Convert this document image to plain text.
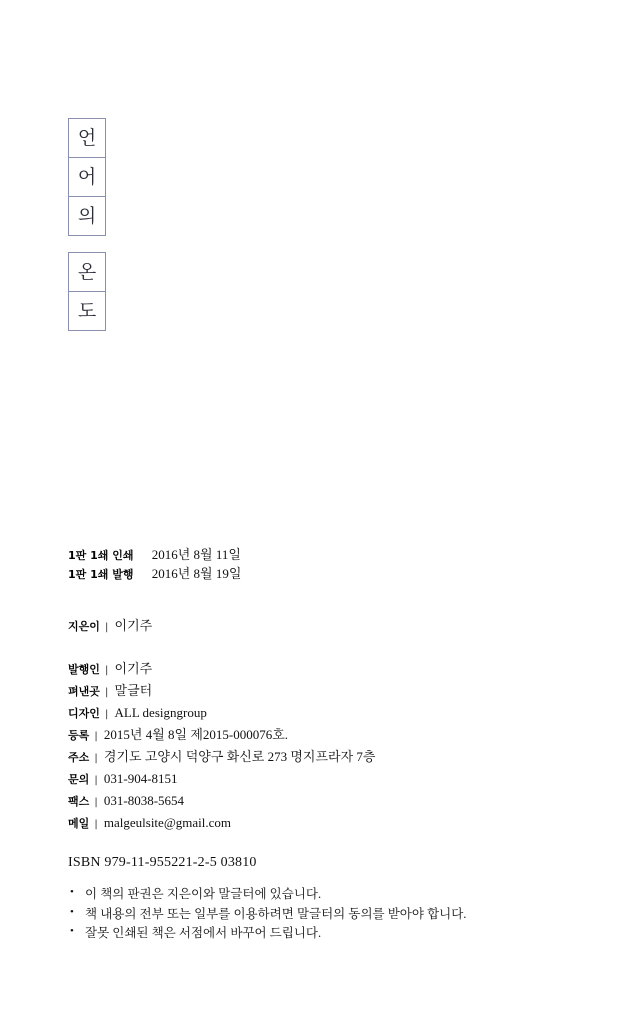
언
어
의
온
도
1판 1쇄 인쇄 2016년 8월 11일
1판 1쇄 발행 2016년 8월 19일
지은이 | 이기주
발행인 | 이기주
펴낸곳 | 말글터
디자인 | ALL designgroup
등록 | 2015년 4월 8일 제2015-000076호.
주소 | 경기도 고양시 덕양구 화신로 273 명지프라자 7층
문의 | 031-904-8151
팩스 | 031-8038-5654
메일 | malgeulsite@gmail.com
ISBN 979-11-955221-2-5 03810
• 이 책의 판권은 지은이와 말글터에 있습니다.
• 책 내용의 전부 또는 일부를 이용하려면 말글터의 동의를 받아야 합니다.
• 잘못 인쇄된 책은 서점에서 바꾸어 드립니다.
